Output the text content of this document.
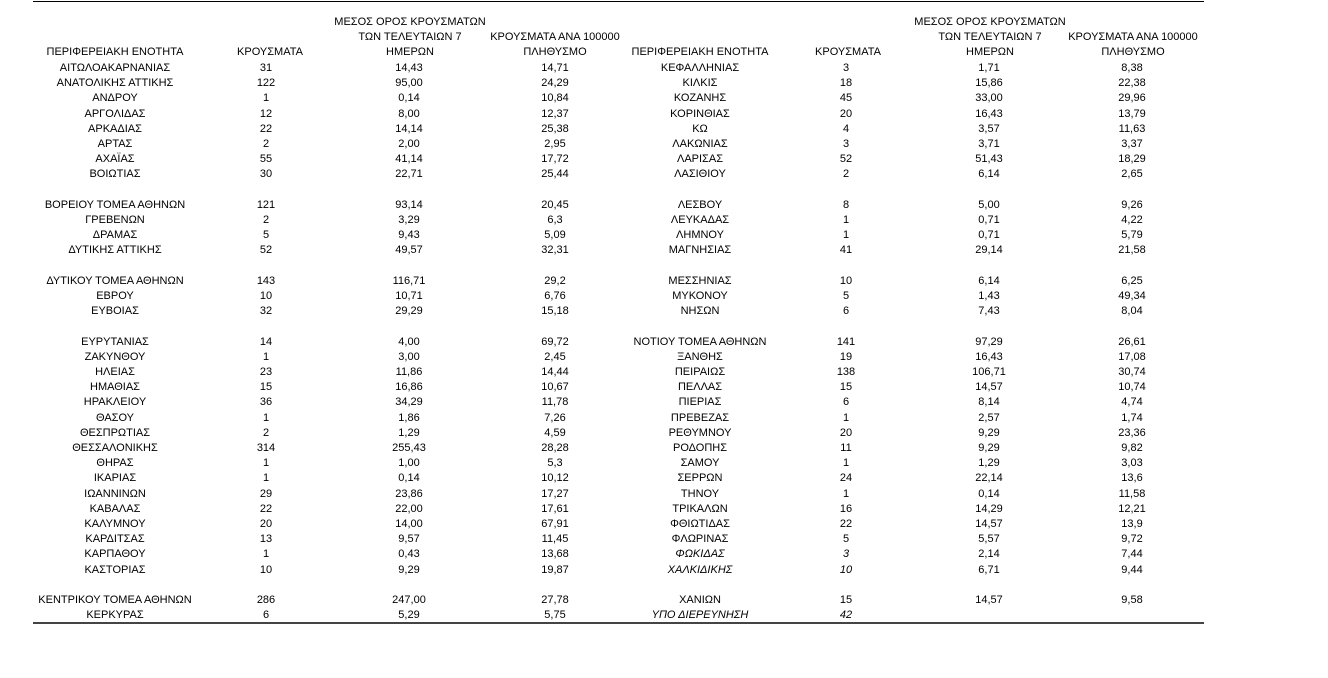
ΠΕΡΙΦΕΡΕΙΑΚΗ ΕΝΟΤΗΤΑ	ΚΡΟΥΣΜΑΤΑ
ΜΕΣΟΣ ΟΡΟΣ ΚΡΟΥΣΜΑΤΩΝ
ΤΩΝ ΤΕΛΕΥΤΑΙΩΝ 7
ΗΜΕΡΩΝ
ΚΡΟΥΣΜΑΤΑ ΑΝΑ 100000
ΠΛΗΘΥΣΜΟ	ΠΕΡΙΦΕΡΕΙΑΚΗ ΕΝΟΤΗΤΑ	ΚΡΟΥΣΜΑΤΑ
ΜΕΣΟΣ ΟΡΟΣ ΚΡΟΥΣΜΑΤΩΝ
ΤΩΝ ΤΕΛΕΥΤΑΙΩΝ 7
ΗΜΕΡΩΝ
ΚΡΟΥΣΜΑΤΑ ΑΝΑ 100000
ΠΛΗΘΥΣΜΟ
ΑΙΤΩΛΟΑΚΑΡΝΑΝΙΑΣ	31	14,43	14,71
ΑΝΑΤΟΛΙΚΗΣ ΑΤΤΙΚΗΣ	122	95,00	24,29
ΑΝΔΡΟΥ	1	0,14	10,84
ΑΡΓΟΛΙΔΑΣ	12	8,00	12,37
ΑΡΚΑΔΙΑΣ	22	14,14	25,38
ΑΡΤΑΣ	2	2,00	2,95
ΑΧΑΪΑΣ	55	41,14	17,72
ΒΟΙΩΤΙΑΣ	30	22,71	25,44
ΒΟΡΕΙΟΥ ΤΟΜΕΑ ΑΘΗΝΩΝ	121	93,14	20,45
ΓΡΕΒΕΝΩΝ	2	3,29	6,3
ΔΡΑΜΑΣ	5	9,43	5,09
ΔΥΤΙΚΗΣ ΑΤΤΙΚΗΣ	52	49,57	32,31
ΔΥΤΙΚΟΥ ΤΟΜΕΑ ΑΘΗΝΩΝ	143	116,71	29,2
ΕΒΡΟΥ	10	10,71	6,76
ΕΥΒΟΙΑΣ	32	29,29	15,18
ΕΥΡΥΤΑΝΙΑΣ	14	4,00	69,72
ΖΑΚΥΝΘΟΥ	1	3,00	2,45
ΗΛΕΙΑΣ	23	11,86	14,44
ΗΜΑΘΙΑΣ	15	16,86	10,67
ΗΡΑΚΛΕΙΟΥ	36	34,29	11,78
ΘΑΣΟΥ	1	1,86	7,26
ΘΕΣΠΡΩΤΙΑΣ	2	1,29	4,59
ΘΕΣΣΑΛΟΝΙΚΗΣ	314	255,43	28,28
ΘΗΡΑΣ	1	1,00	5,3
ΙΚΑΡΙΑΣ	1	0,14	10,12
ΙΩΑΝΝΙΝΩΝ	29	23,86	17,27
ΚΑΒΑΛΑΣ	22	22,00	17,61
ΚΑΛΥΜΝΟΥ	20	14,00	67,91
ΚΑΡΔΙΤΣΑΣ	13	9,57	11,45
ΚΑΡΠΑΘΟΥ	1	0,43	13,68
ΚΑΣΤΟΡΙΑΣ	10	9,29	19,87
ΚΕΝΤΡΙΚΟΥ ΤΟΜΕΑ ΑΘΗΝΩΝ	286	247,00	27,78
ΚΕΡΚΥΡΑΣ	6	5,29	5,75
ΚΕΦΑΛΛΗΝΙΑΣ	3	1,71	8,38
ΚΙΛΚΙΣ	18	15,86	22,38
ΚΟΖΑΝΗΣ	45	33,00	29,96
ΚΟΡΙΝΘΙΑΣ	20	16,43	13,79
ΚΩ	4	3,57	11,63
ΛΑΚΩΝΙΑΣ	3	3,71	3,37
ΛΑΡΙΣΑΣ	52	51,43	18,29
ΛΑΣΙΘΙΟΥ	2	6,14	2,65
ΛΕΣΒΟΥ	8	5,00	9,26
ΛΕΥΚΑΔΑΣ	1	0,71	4,22
ΛΗΜΝΟΥ	1	0,71	5,79
ΜΑΓΝΗΣΙΑΣ	41	29,14	21,58
ΜΕΣΣΗΝΙΑΣ	10	6,14	6,25
ΜΥΚΟΝΟΥ	5	1,43	49,34
ΝΗΣΩΝ	6	7,43	8,04
ΝΟΤΙΟΥ ΤΟΜΕΑ ΑΘΗΝΩΝ	141	97,29	26,61
ΞΑΝΘΗΣ	19	16,43	17,08
ΠΕΙΡΑΙΩΣ	138	106,71	30,74
ΠΕΛΛΑΣ	15	14,57	10,74
ΠΙΕΡΙΑΣ	6	8,14	4,74
ΠΡΕΒΕΖΑΣ	1	2,57	1,74
ΡΕΘΥΜΝΟΥ	20	9,29	23,36
ΡΟΔΟΠΗΣ	11	9,29	9,82
ΣΑΜΟΥ	1	1,29	3,03
ΣΕΡΡΩΝ	24	22,14	13,6
ΤΗΝΟΥ	1	0,14	11,58
ΤΡΙΚΑΛΩΝ	16	14,29	12,21
ΦΘΙΩΤΙΔΑΣ	22	14,57	13,9
ΦΛΩΡΙΝΑΣ	5	5,57	9,72
ΦΩΚΙΔΑΣ	3	2,14	7,44
ΧΑΛΚΙΔΙΚΗΣ	10	6,71	9,44
ΧΑΝΙΩΝ	15	14,57	9,58
ΥΠΟ ΔΙΕΡΕΥΝΗΣΗ	42
